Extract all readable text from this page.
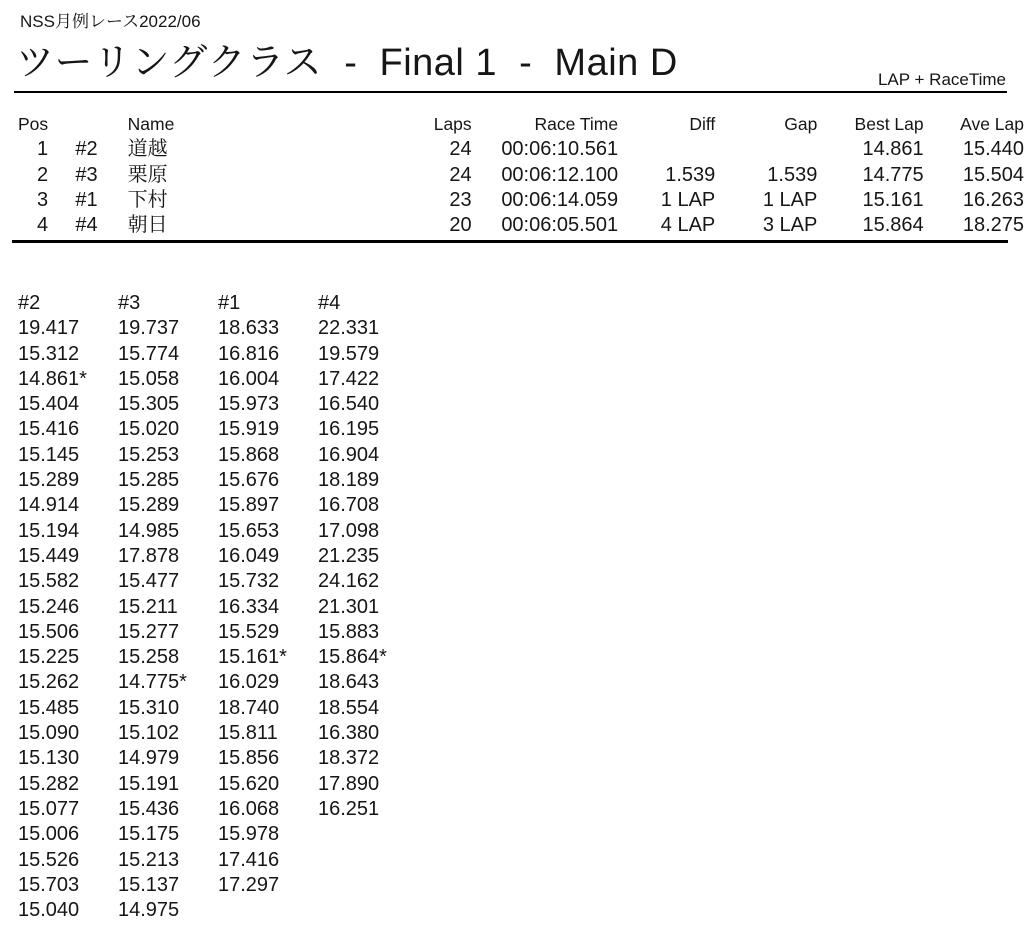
NSS月例レース2022/06
ツーリングクラス  -  Final 1  -  Main D	LAP + RaceTime
Pos		Name	Laps	Race Time	Diff	Gap	Best Lap	Ave Lap
1	#2	道越	24	00:06:10.561			14.861	15.440
2	#3	栗原	24	00:06:12.100	1.539	1.539	14.775	15.504
3	#1	下村	23	00:06:14.059	1 LAP	1 LAP	15.161	16.263
4	#4	朝日	20	00:06:05.501	4 LAP	3 LAP	15.864	18.275
#2	#3	#1	#4
19.417	19.737	18.633	22.331
15.312	15.774	16.816	19.579
14.861*	15.058	16.004	17.422
15.404	15.305	15.973	16.540
15.416	15.020	15.919	16.195
15.145	15.253	15.868	16.904
15.289	15.285	15.676	18.189
14.914	15.289	15.897	16.708
15.194	14.985	15.653	17.098
15.449	17.878	16.049	21.235
15.582	15.477	15.732	24.162
15.246	15.211	16.334	21.301
15.506	15.277	15.529	15.883
15.225	15.258	15.161*	15.864*
15.262	14.775*	16.029	18.643
15.485	15.310	18.740	18.554
15.090	15.102	15.811	16.380
15.130	14.979	15.856	18.372
15.282	15.191	15.620	17.890
15.077	15.436	16.068	16.251
15.006	15.175	15.978	
15.526	15.213	17.416	
15.703	15.137	17.297	
15.040	14.975		
